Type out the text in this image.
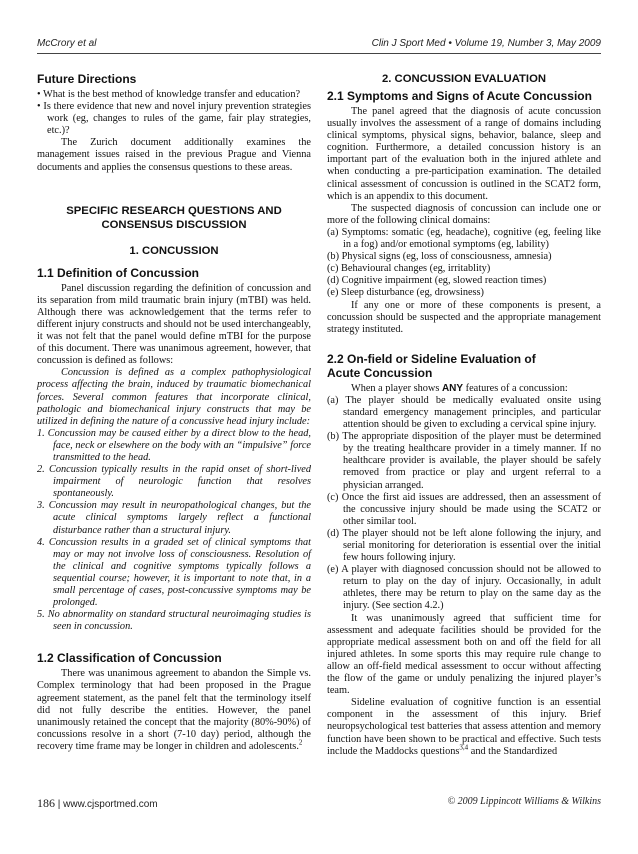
McCrory et al	Clin J Sport Med • Volume 19, Number 3, May 2009
Future Directions
• What is the best method of knowledge transfer and education?
• Is there evidence that new and novel injury prevention strategies work (eg, changes to rules of the game, fair play strategies, etc.)?

The Zurich document additionally examines the management issues raised in the previous Prague and Vienna documents and applies the consensus questions to these areas.

SPECIFIC RESEARCH QUESTIONS AND CONSENSUS DISCUSSION
1. CONCUSSION
1.1 Definition of Concussion

Panel discussion regarding the definition of concussion and its separation from mild traumatic brain injury (mTBI) was held. Although there was acknowledgement that the terms refer to different injury constructs and should not be used interchangeably, it was not felt that the panel would define mTBI for the purpose of this document. There was unanimous agreement, however, that concussion is defined as follows:

Concussion is defined as a complex pathophysiological process affecting the brain, induced by traumatic biomechanical forces. Several common features that incorporate clinical, pathologic and biomechanical injury constructs that may be utilized in defining the nature of a concussive head injury include:

1. Concussion may be caused either by a direct blow to the head, face, neck or elsewhere on the body with an “impulsive” force transmitted to the head.
2. Concussion typically results in the rapid onset of short-lived impairment of neurologic function that resolves spontaneously.
3. Concussion may result in neuropathological changes, but the acute clinical symptoms largely reflect a functional disturbance rather than a structural injury.
4. Concussion results in a graded set of clinical symptoms that may or may not involve loss of consciousness. Resolution of the clinical and cognitive symptoms typically follows a sequential course; however, it is important to note that, in a small percentage of cases, post-concussive symptoms may be prolonged.
5. No abnormality on standard structural neuroimaging studies is seen in concussion.
1.2 Classification of Concussion

There was unanimous agreement to abandon the Simple vs. Complex terminology that had been proposed in the Prague agreement statement, as the panel felt that the terminology itself did not fully describe the entities. However, the panel unanimously retained the concept that the majority (80%-90%) of concussions resolve in a short (7-10 day) period, although the recovery time frame may be longer in children and adolescents.$^2$

2. CONCUSSION EVALUATION
2.1 Symptoms and Signs of Acute Concussion

The panel agreed that the diagnosis of acute concussion usually involves the assessment of a range of domains including clinical symptoms, physical signs, behavior, balance, sleep and cognition. Furthermore, a detailed concussion history is an important part of the evaluation both in the injured athlete and when conducting a pre-participation examination. The detailed clinical assessment of concussion is outlined in the SCAT2 form, which is an appendix to this document.

The suspected diagnosis of concussion can include one or more of the following clinical domains:

(a) Symptoms: somatic (eg, headache), cognitive (eg, feeling like in a fog) and/or emotional symptoms (eg, lability)
(b) Physical signs (eg, loss of consciousness, amnesia)
(c) Behavioural changes (eg, irritablity)
(d) Cognitive impairment (eg, slowed reaction times)
(e) Sleep disturbance (eg, drowsiness)

If any one or more of these components is present, a concussion should be suspected and the appropriate management strategy instituted.

2.2 On-field or Sideline Evaluation of Acute Concussion

When a player shows ANY features of a concussion:

(a) The player should be medically evaluated onsite using standard emergency management principles, and particular attention should be given to excluding a cervical spine injury.
(b) The appropriate disposition of the player must be determined by the treating healthcare provider in a timely manner. If no healthcare provider is available, the player should be safely removed from practice or play and urgent referral to a physician arranged.
(c) Once the first aid issues are addressed, then an assessment of the concussive injury should be made using the SCAT2 or other similar tool.
(d) The player should not be left alone following the injury, and serial monitoring for deterioration is essential over the initial few hours following injury.
(e) A player with diagnosed concussion should not be allowed to return to play on the day of injury. Occasionally, in adult athletes, there may be return to play on the same day as the injury. (See section 4.2.)

It was unanimously agreed that sufficient time for assessment and adequate facilities should be provided for the appropriate medical assessment both on and off the field for all injured athletes. In some sports this may require rule change to allow an off-field medical assessment to occur without affecting the flow of the game or unduly penalizing the injured player’s team.

Sideline evaluation of cognitive function is an essential component in the assessment of this injury. Brief neuropsychological test batteries that assess attention and memory function have been shown to be practical and effective. Such tests include the Maddocks questions$^{3,4}$ and the Standardized

186 | www.cjsportmed.com	© 2009 Lippincott Williams & Wilkins
